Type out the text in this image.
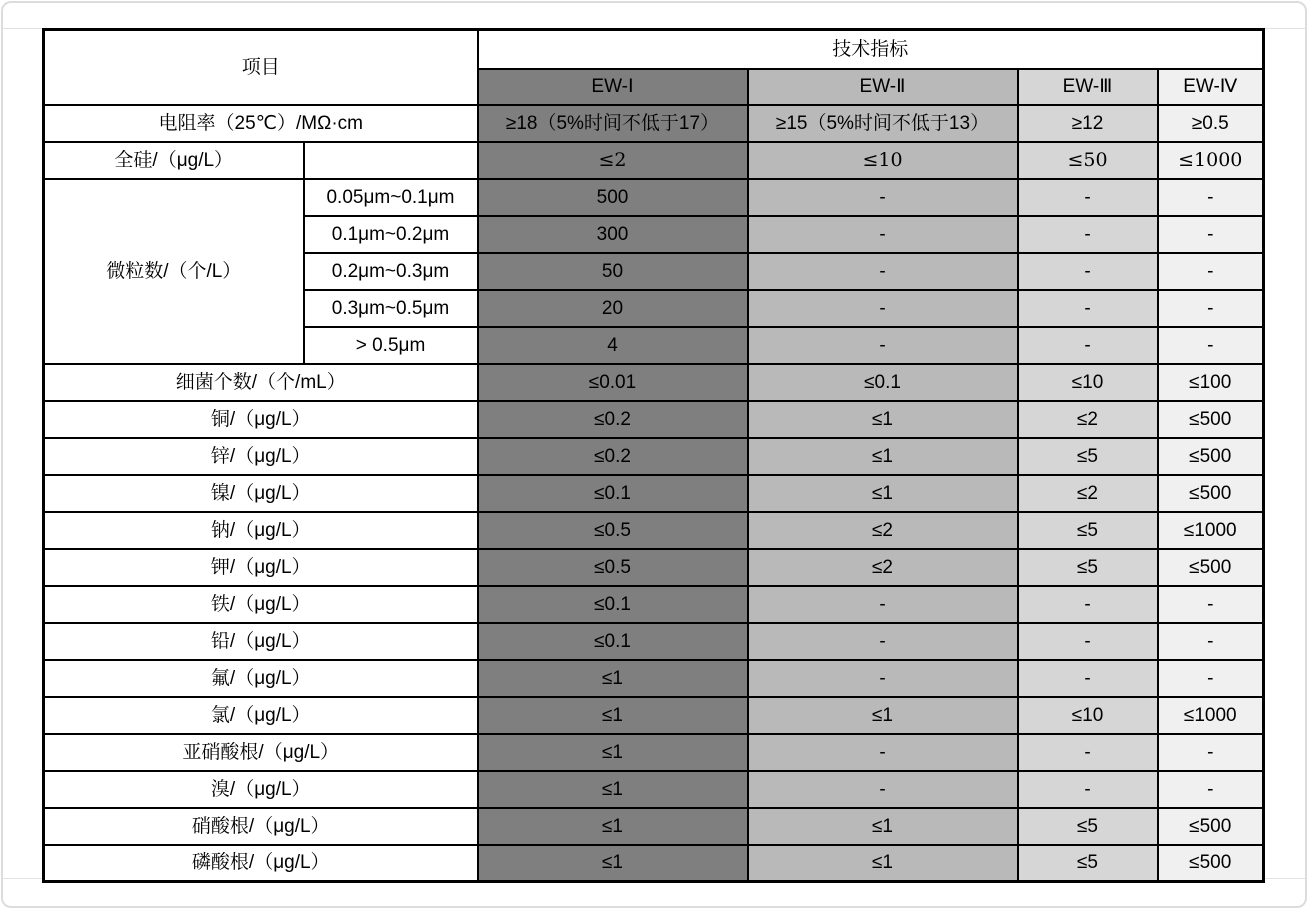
项目		技术指标			
		EW-Ⅰ	EW-Ⅱ	EW-Ⅲ	EW-Ⅳ
电阻率（25℃）/MΩ·cm		≥18（5%时间不低于17）	≥15（5%时间不低于13）	≥12	≥0.5
全硅/（μg/L）		≤2	≤10	≤50	≤1000
微粒数/（个/L）	0.05μm~0.1μm	500	-	-	-
	0.1μm~0.2μm	300	-	-	-
	0.2μm~0.3μm	50	-	-	-
	0.3μm~0.5μm	20	-	-	-
	> 0.5μm	4	-	-	-
细菌个数/（个/mL）		≤0.01	≤0.1	≤10	≤100
铜/（μg/L）		≤0.2	≤1	≤2	≤500
锌/（μg/L）		≤0.2	≤1	≤5	≤500
镍/（μg/L）		≤0.1	≤1	≤2	≤500
钠/（μg/L）		≤0.5	≤2	≤5	≤1000
钾/（μg/L）		≤0.5	≤2	≤5	≤500
铁/（μg/L）		≤0.1	-	-	-
铅/（μg/L）		≤0.1	-	-	-
氟/（μg/L）		≤1	-	-	-
氯/（μg/L）		≤1	≤1	≤10	≤1000
亚硝酸根/（μg/L）		≤1	-	-	-
溴/（μg/L）		≤1	-	-	-
硝酸根/（μg/L）		≤1	≤1	≤5	≤500
磷酸根/（μg/L）		≤1	≤1	≤5	≤500
